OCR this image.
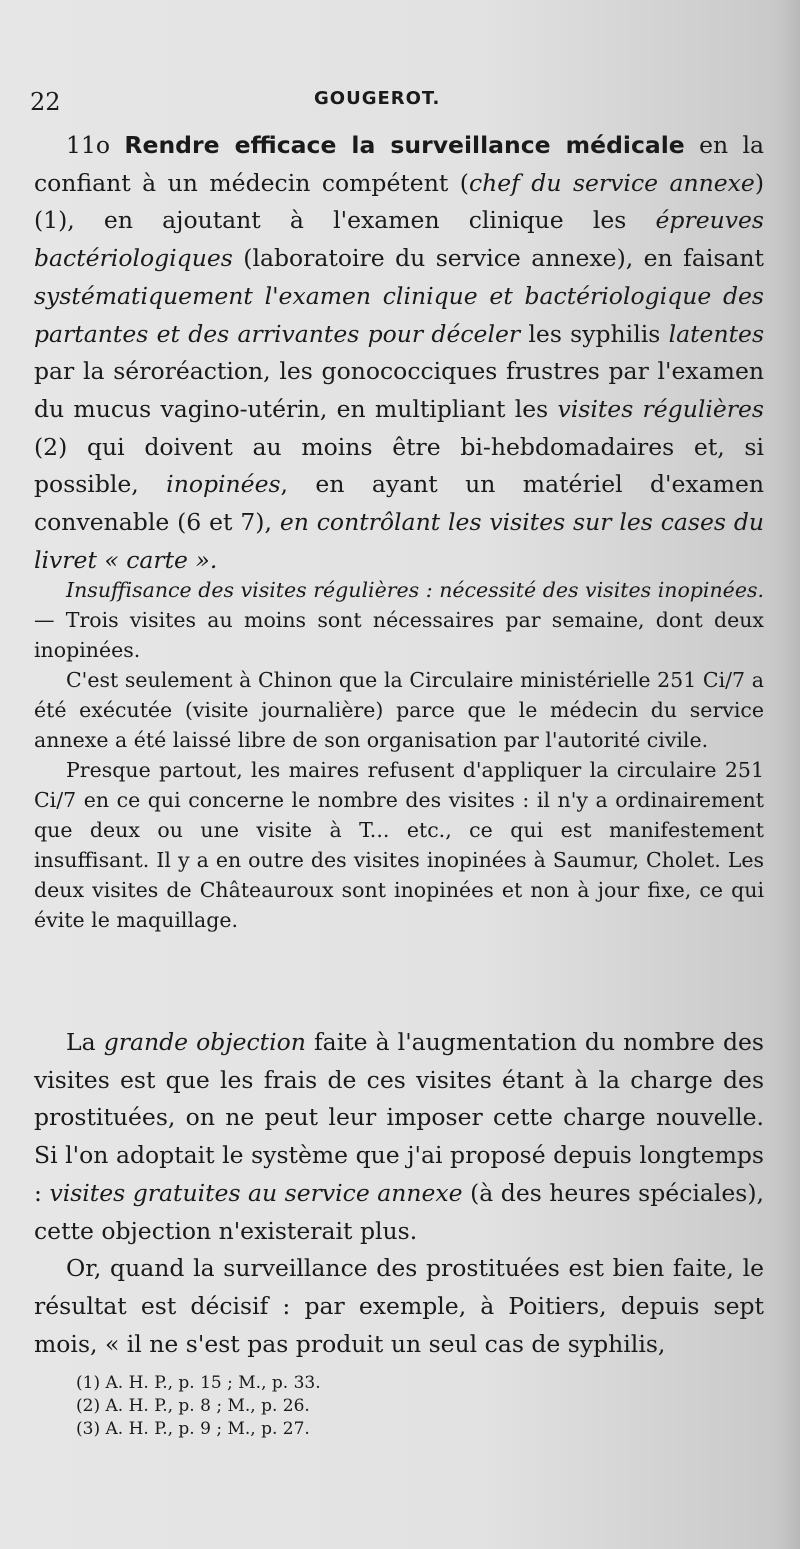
22	GOUGEROT.

11o Rendre efficace la surveillance médicale en la confiant à un médecin compétent (chef du service annexe) (1), en ajoutant à l'examen clinique les épreuves bactériologiques (laboratoire du service annexe), en faisant systématiquement l'examen clinique et bactériologique des partantes et des arrivantes pour déceler les syphilis latentes par la séroréaction, les gonococciques frustres par l'examen du mucus vagino-utérin, en multipliant les visites régulières (2) qui doivent au moins être bi-hebdomadaires et, si possible, inopinées, en ayant un matériel d'examen convenable (6 et 7), en contrôlant les visites sur les cases du livret « carte ».

Insuffisance des visites régulières : nécessité des visites inopinées. — Trois visites au moins sont nécessaires par semaine, dont deux inopinées.

C'est seulement à Chinon que la Circulaire ministérielle 251 Ci/7 a été exécutée (visite journalière) parce que le médecin du service annexe a été laissé libre de son organisation par l'autorité civile.

Presque partout, les maires refusent d'appliquer la circulaire 251 Ci/7 en ce qui concerne le nombre des visites : il n'y a ordinairement que deux ou une visite à T... etc., ce qui est manifestement insuffisant. Il y a en outre des visites inopinées à Saumur, Cholet. Les deux visites de Châteauroux sont inopinées et non à jour fixe, ce qui évite le maquillage.

La grande objection faite à l'augmentation du nombre des visites est que les frais de ces visites étant à la charge des prostituées, on ne peut leur imposer cette charge nouvelle. Si l'on adoptait le système que j'ai proposé depuis longtemps : visites gratuites au service annexe (à des heures spéciales), cette objection n'existerait plus.

Or, quand la surveillance des prostituées est bien faite, le résultat est décisif : par exemple, à Poitiers, depuis sept mois, « il ne s'est pas produit un seul cas de syphilis,

(1) A. H. P., p. 15 ; M., p. 33.
(2) A. H. P., p. 8 ; M., p. 26.
(3) A. H. P., p. 9 ; M., p. 27.
